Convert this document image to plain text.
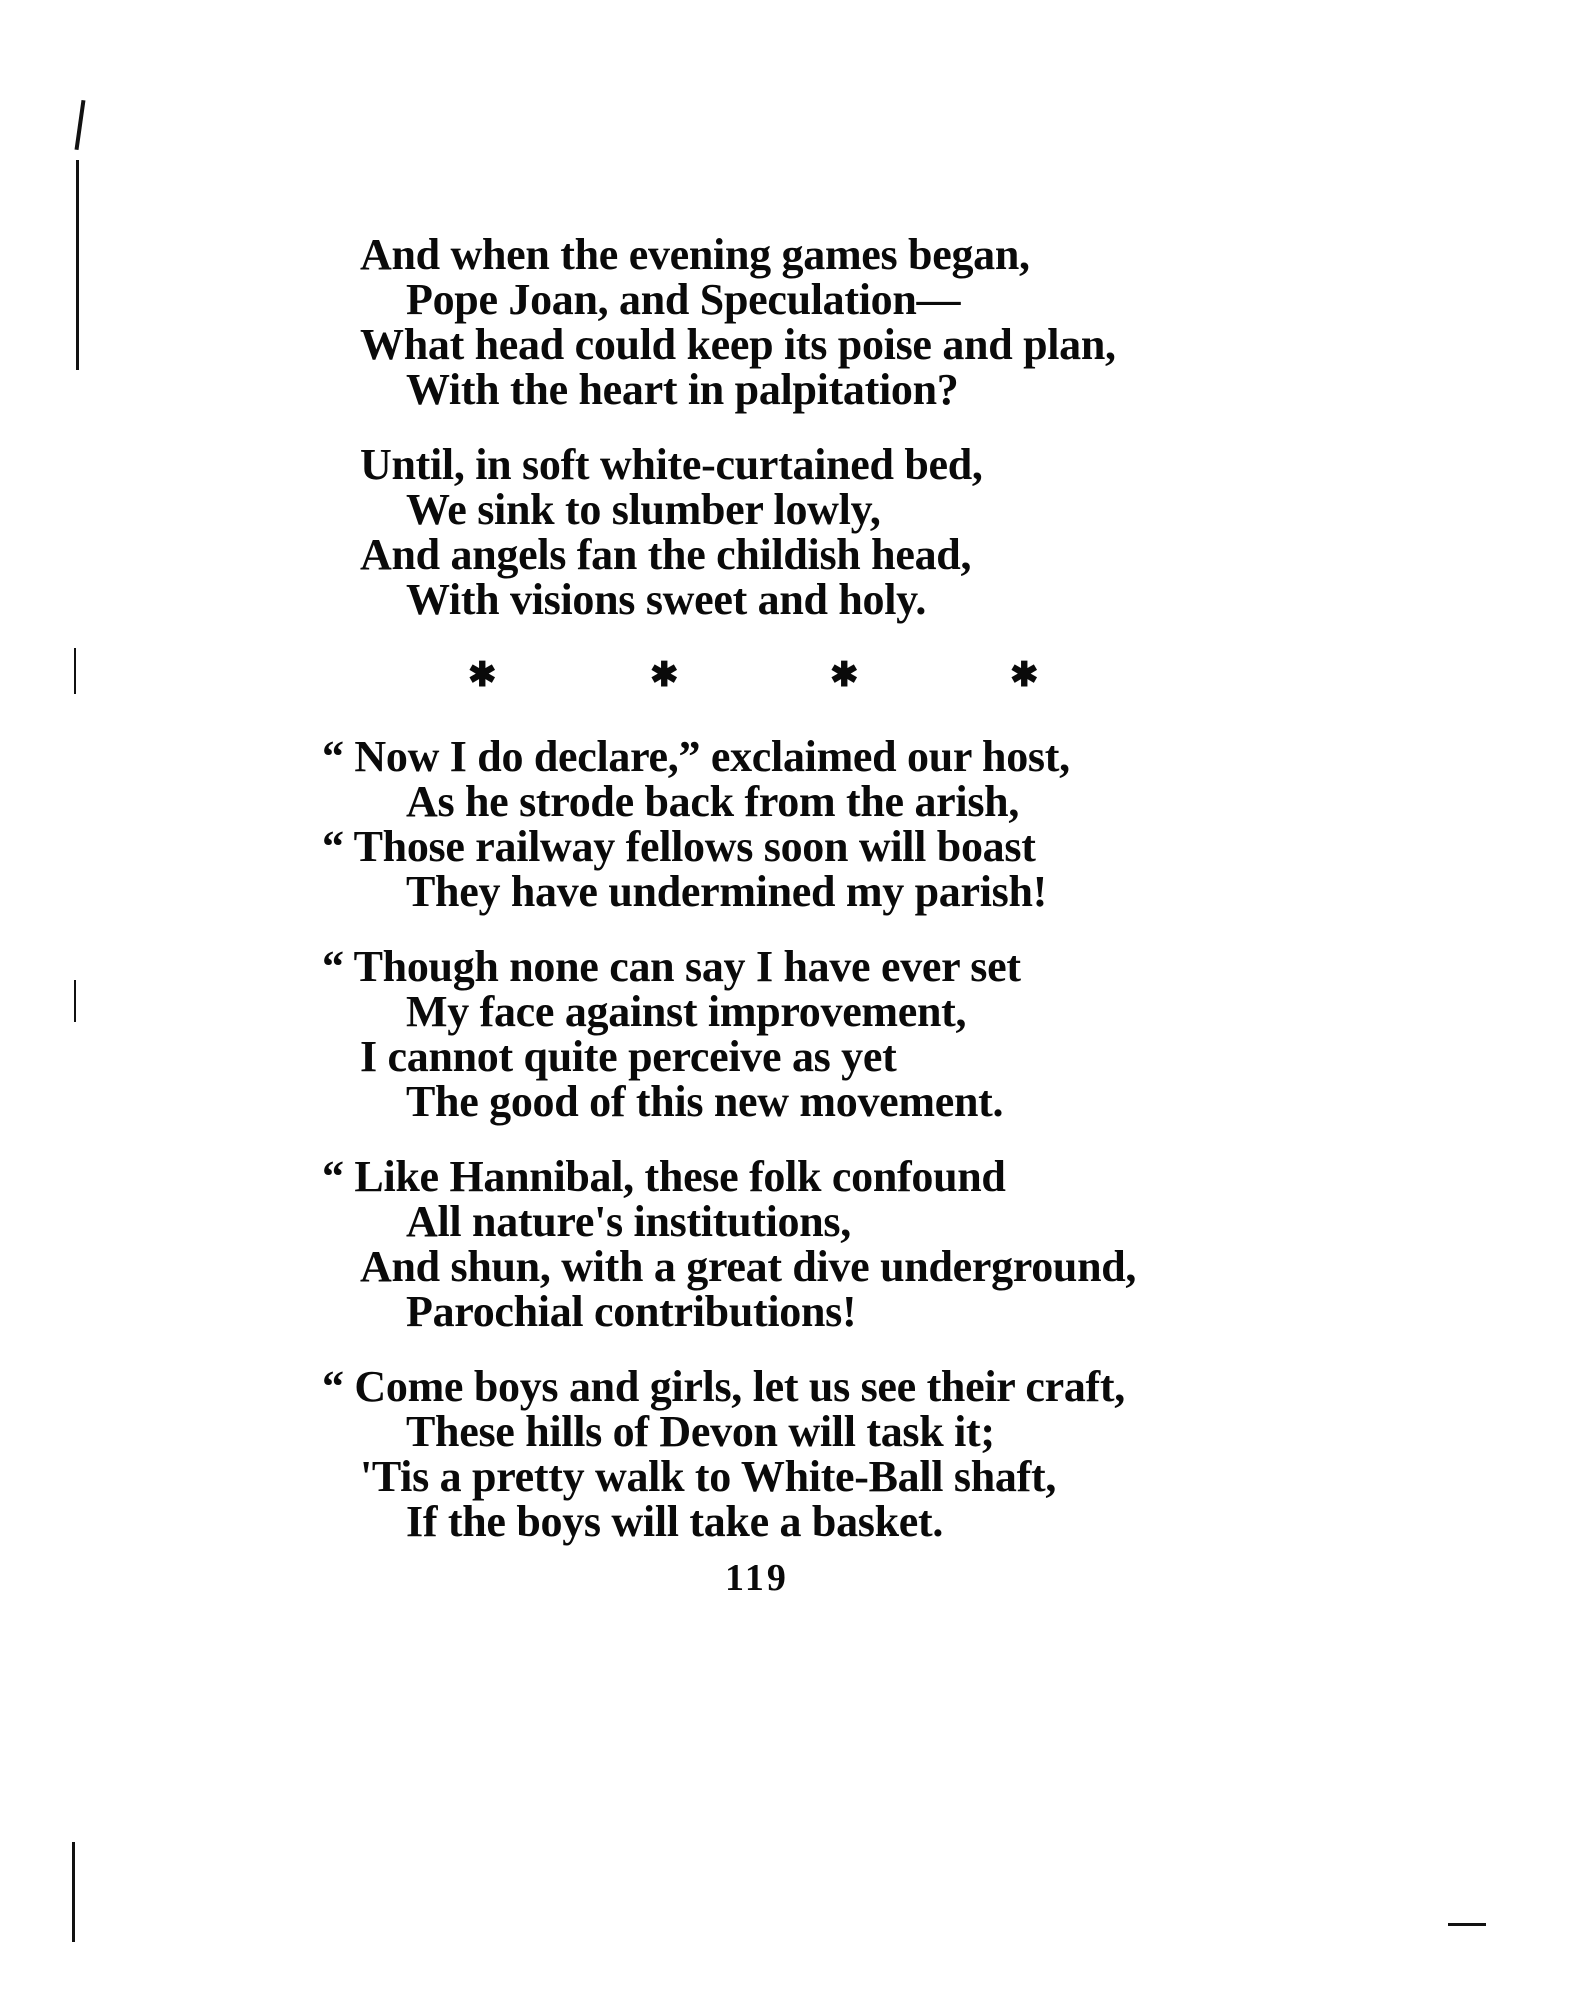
And when the evening games began,
Pope Joan, and Speculation—
What head could keep its poise and plan,
With the heart in palpitation?
Until, in soft white-curtained bed,
We sink to slumber lowly,
And angels fan the childish head,
With visions sweet and holy.
✱	✱	✱	✱
“ Now I do declare,” exclaimed our host,
As he strode back from the arish,
“ Those railway fellows soon will boast
They have undermined my parish!
“ Though none can say I have ever set
My face against improvement,
I cannot quite perceive as yet
The good of this new movement.
“ Like Hannibal, these folk confound
All nature's institutions,
And shun, with a great dive underground,
Parochial contributions!
“ Come boys and girls, let us see their craft,
These hills of Devon will task it;
'Tis a pretty walk to White-Ball shaft,
If the boys will take a basket.
119
